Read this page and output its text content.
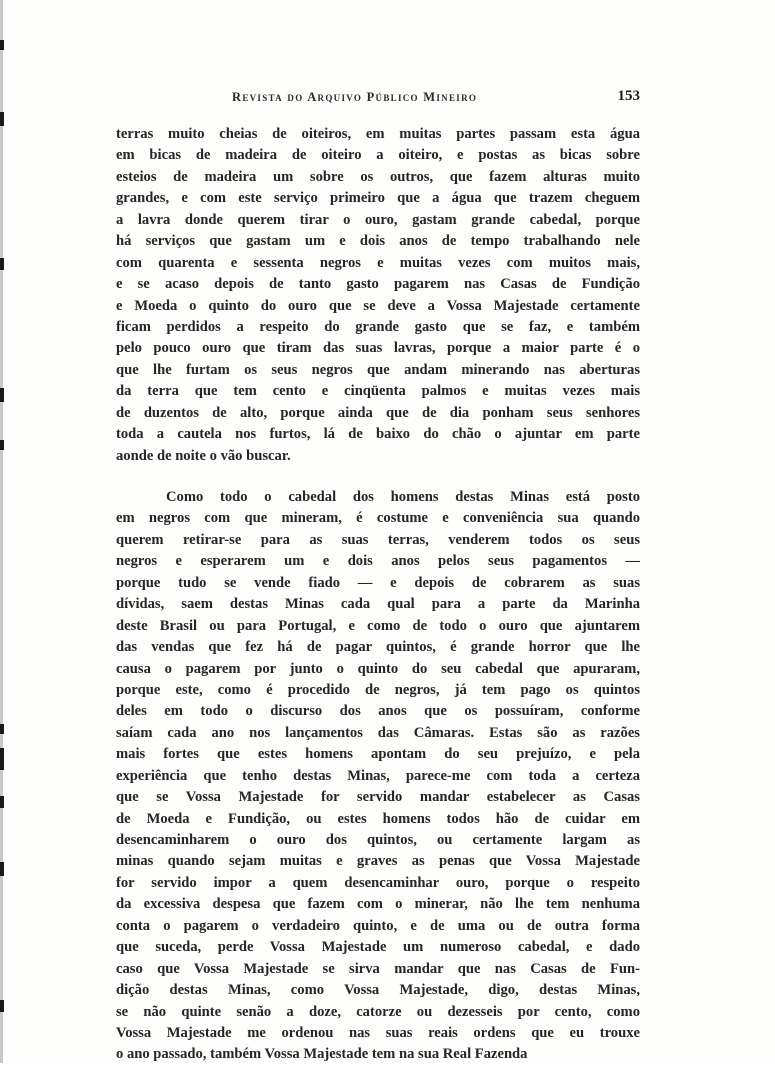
Revista do Arquivo Público Mineiro	153
terras muito cheias de oiteiros, em muitas partes passam esta água
em bicas de madeira de oiteiro a oiteiro, e postas as bicas sobre
esteios de madeira um sobre os outros, que fazem alturas muito
grandes, e com este serviço primeiro que a água que trazem cheguem
a lavra donde querem tirar o ouro, gastam grande cabedal, porque
há serviços que gastam um e dois anos de tempo trabalhando nele
com quarenta e sessenta negros e muitas vezes com muitos mais,
e se acaso depois de tanto gasto pagarem nas Casas de Fundição
e Moeda o quinto do ouro que se deve a Vossa Majestade certamente
ficam perdidos a respeito do grande gasto que se faz, e também
pelo pouco ouro que tiram das suas lavras, porque a maior parte é o
que lhe furtam os seus negros que andam minerando nas aberturas
da terra que tem cento e cinqüenta palmos e muitas vezes mais
de duzentos de alto, porque ainda que de dia ponham seus senhores
toda a cautela nos furtos, lá de baixo do chão o ajuntar em parte
aonde de noite o vão buscar.
Como todo o cabedal dos homens destas Minas está posto
em negros com que mineram, é costume e conveniência sua quando
querem retirar-se para as suas terras, venderem todos os seus
negros e esperarem um e dois anos pelos seus pagamentos —
porque tudo se vende fiado — e depois de cobrarem as suas
dívidas, saem destas Minas cada qual para a parte da Marinha
deste Brasil ou para Portugal, e como de todo o ouro que ajuntarem
das vendas que fez há de pagar quintos, é grande horror que lhe
causa o pagarem por junto o quinto do seu cabedal que apuraram,
porque este, como é procedido de negros, já tem pago os quintos
deles em todo o discurso dos anos que os possuíram, conforme
saíam cada ano nos lançamentos das Câmaras. Estas são as razões
mais fortes que estes homens apontam do seu prejuízo, e pela
experiência que tenho destas Minas, parece-me com toda a certeza
que se Vossa Majestade for servido mandar estabelecer as Casas
de Moeda e Fundição, ou estes homens todos hão de cuidar em
desencaminharem o ouro dos quintos, ou certamente largam as
minas quando sejam muitas e graves as penas que Vossa Majestade
for servido impor a quem desencaminhar ouro, porque o respeito
da excessiva despesa que fazem com o minerar, não lhe tem nenhuma
conta o pagarem o verdadeiro quinto, e de uma ou de outra forma
que suceda, perde Vossa Majestade um numeroso cabedal, e dado
caso que Vossa Majestade se sirva mandar que nas Casas de Fun-
dição destas Minas, como Vossa Majestade, digo, destas Minas,
se não quinte senão a doze, catorze ou dezesseis por cento, como
Vossa Majestade me ordenou nas suas reais ordens que eu trouxe
o ano passado, também Vossa Majestade tem na sua Real Fazenda
